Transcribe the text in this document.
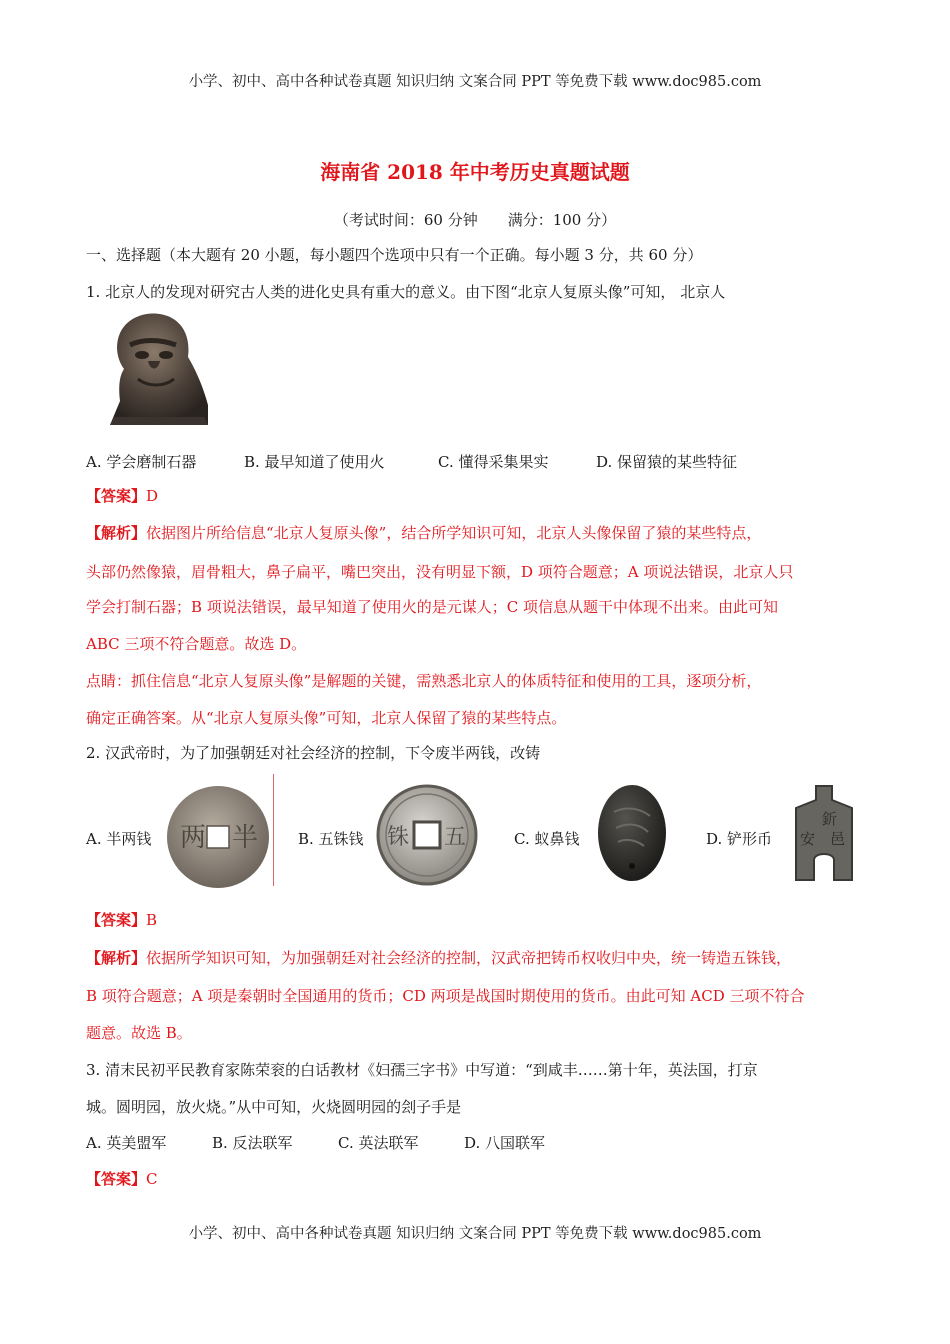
小学、初中、高中各种试卷真题 知识归纳 文案合同 PPT 等免费下载 www.doc985.com
小学、初中、高中各种试卷真题 知识归纳 文案合同 PPT 等免费下载 www.doc985.com
海南省 2018 年中考历史真题试题
（考试时间：60 分钟　　满分：100 分）
一、选择题（本大题有 20 小题，每小题四个选项中只有一个正确。每小题 3 分，共 60 分）
1. 北京人的发现对研究古人类的进化史具有重大的意义。由下图“北京人复原头像”可知， 北京人
A. 学会磨制石器	B. 最早知道了使用火	C. 懂得采集果实	D. 保留猿的某些特征
【答案】D
【解析】依据图片所给信息“北京人复原头像”，结合所学知识可知，北京人头像保留了猿的某些特点，
头部仍然像猿，眉骨粗大，鼻子扁平，嘴巴突出，没有明显下额，D 项符合题意；A 项说法错误，北京人只
学会打制石器；B 项说法错误，最早知道了使用火的是元谋人；C 项信息从题干中体现不出来。由此可知
ABC 三项不符合题意。故选 D。
点睛：抓住信息“北京人复原头像”是解题的关键，需熟悉北京人的体质特征和使用的工具，逐项分析，
确定正确答案。从“北京人复原头像”可知，北京人保留了猿的某些特点。
2. 汉武帝时，为了加强朝廷对社会经济的控制，下令废半两钱，改铸
A. 半两钱 两 半	B. 五铢钱 铢 五	C. 蚁鼻钱	D. 铲形币
釿
安 邑
【答案】B
【解析】依据所学知识可知，为加强朝廷对社会经济的控制，汉武帝把铸币权收归中央，统一铸造五铢钱，
B 项符合题意；A 项是秦朝时全国通用的货币；CD 两项是战国时期使用的货币。由此可知 ACD 三项不符合
题意。故选 B。
3. 清末民初平民教育家陈荣衮的白话教材《妇孺三字书》中写道：“到咸丰……第十年，英法国，打京
城。圆明园，放火烧。”从中可知，火烧圆明园的刽子手是
A. 英美盟军	B. 反法联军	C. 英法联军	D. 八国联军
【答案】C
